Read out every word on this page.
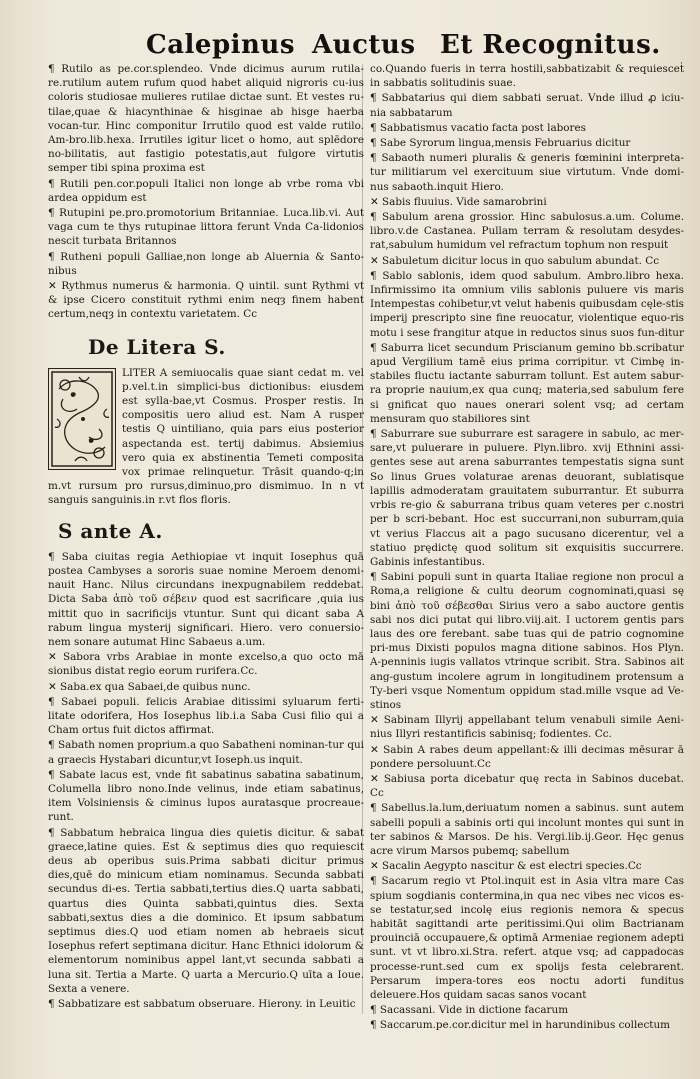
Calepinus Auctus Et Recognitus.
¶ Rutilo as pe.cor.splendeo. Vnde dicimus aurum rutila-re.rutilum autem rufum quod habet aliquid nigroris cu-ius coloris studiosae mulieres rutilae dictae sunt. Et vestes ru-tilae,quae & hiacynthinae & hisginae ab hisge haerba vocan-tur. Hinc componitur Irrutilo quod est valde rutilo. Am-bro.lib.hexa. Irrutiles igitur licet o homo, aut splēdore no-bilitatis, aut fastigio potestatis,aut fulgore virtutis semper tibi spina proxima est
¶ Rutili pen.cor.populi Italici non longe ab vrbe roma vbi ardea oppidum est
¶ Rutupini pe.pro.promotorium Britanniae. Luca.lib.vi. Aut vaga cum te thys rutupinae littora ferunt Vnda Ca-lidonios nescit turbata Britannos
¶ Rutheni populi Galliae,non longe ab Aluernia & Santo-nibus
✕ Rythmus numerus & harmonia. Q uintil. sunt Rythmi vt & ipse Cicero constituit rythmi enim neqȝ finem habent certum,neqȝ in contextu varietatem. Cc
De Litera S.
LITER A semiuocalis quae siant cedat m. vel p.vel.t.in simplici-bus dictionibus: eiusdem est sylla-bae,vt Cosmus. Prosper restis. In compositis uero aliud est. Nam A rusper testis Q uintiliano, quia pars eius posterior aspectanda est. tertij dabimus. Absiemius vero quia ex abstinentia Temeti composita vox primae relinquetur. Trāsit quando-q;in m.vt rursum pro rursus,diminuo,pro dismimuo. In n vt sanguis sanguinis.in r.vt flos floris.
S ante A.
¶ Saba ciuitas regia Aethiopiae vt inquit Iosephus quā postea Cambyses a sororis suae nomine Meroem denomi-nauit Hanc. Nilus circundans inexpugnabilem reddebat. Dicta Saba ἀπὸ τοῦ σέβειν quod est sacrificare ,quia ius mittit quo in sacrificijs vtuntur. Sunt qui dicant saba A rabum lingua mysterij significari. Hiero. vero conuersio-nem sonare autumat Hinc Sabaeus a.um.
✕ Sabora vrbs Arabiae in monte excelso,a quo octo mā sionibus distat regio eorum rurifera.Cc.
✕ Saba.ex qua Sabaei,de quibus nunc.
¶ Sabaei populi. felicis Arabiae ditissimi syluarum ferti-litate odorifera, Hos Iosephus lib.i.a Saba Cusi filio qui a Cham ortus fuit dictos affirmat.
¶ Sabath nomen proprium.a quo Sabatheni nominan-tur qui a graecis Hystabari dicuntur,vt Ioseph.us inquit.
¶ Sabate lacus est, vnde fit sabatinus sabatina sabatinum, Columella libro nono.Inde velinus, inde etiam sabatinus, item Volsiniensis & ciminus lupos auratasque procreaue-runt.
¶ Sabbatum hebraica lingua dies quietis dicitur. & sabat graece,latine quies. Est & septimus dies quo requiescit deus ab operibus suis.Prima sabbati dicitur primus dies,quē do minicum etiam nominamus. Secunda sabbati secundus di-es. Tertia sabbati,tertius dies.Q uarta sabbati, quartus dies Quinta sabbati,quintus dies. Sexta sabbati,sextus dies a die dominico. Et ipsum sabbatum septimus dies.Q uod etiam nomen ab hebraeis sicut Iosephus refert septimana dicitur. Hanc Ethnici idolorum & elementorum nominibus appel lant,vt secunda sabbati a luna sit. Tertia a Marte. Q uarta a Mercurio.Q uīta a Ioue. Sexta a venere.
¶ Sabbatizare est sabbatum obseruare. Hierony. in Leuitic
co.Quando fueris in terra hostili,sabbatizabit & requiesceṫ in sabbatis solitudinis suae.
¶ Sabbatarius qui diem sabbati seruat. Vnde illud ꝓ iciu-nia sabbatarum
¶ Sabbatismus vacatio facta post labores
¶ Sabe Syrorum lingua,mensis Februarius dicitur
¶ Sabaoth numeri pluralis & generis fœminini interpreta-tur militiarum vel exercituum siue virtutum. Vnde domi-nus sabaoth.inquit Hiero.
✕ Sabis fluuius. Vide samarobrini
¶ Sabulum arena grossior. Hinc sabulosus.a.um. Colume. libro.v.de Castanea. Pullam terram & resolutam desydes-rat,sabulum humidum vel refractum tophum non respuit
✕ Sabuletum dicitur locus in quo sabulum abundat. Cc
¶ Sablo sablonis, idem quod sabulum. Ambro.libro hexa. Infirmissimo ita omnium vilis sablonis puluere vis maris Intempestas cohibetur,vt velut habenis quibusdam cęle-stis imperij prescripto sine fine reuocatur, violentique equo-ris motu i sese frangitur atque in reductos sinus suos fun-ditur
¶ Saburra licet secundum Priscianum gemino bb.scribatur apud Vergilium tamē eius prima corripitur. vt Cimbę in-stabiles fluctu iactante saburram tollunt. Est autem sabur-ra proprie nauium,ex qua cunq; materia,sed sabulum fere si gnificat quo naues onerari solent vsq; ad certam mensuram quo stabiliores sint
¶ Saburrare sue suburrare est saragere in sabulo, ac mer-sare,vt puluerare in puluere. Plyn.libro. xvij Ethnini assi-gentes sese aut arena saburrantes tempestatis signa sunt So linus Grues volaturae arenas deuorant, sublatisque lapillis admoderatam grauitatem suburrantur. Et suburra vrbis re-gio & saburrana tribus quam veteres per c.nostri per b scri-bebant. Hoc est succurrani,non suburram,quia vt verius Flaccus ait a pago sucusano dicerentur, vel a statiuo prędictę quod solitum sit exquisitis succurrere. Gabinis infestantibus.
¶ Sabini populi sunt in quarta Italiae regione non procul a Roma,a religione & cultu deorum cognominati,quasi sę bini ἀπὸ τοῦ σέβεσθαι Sirius vero a sabo auctore gentis sabi nos dici putat qui libro.viij.ait. I uctorem gentis pars laus des ore ferebant. sabe tuas qui de patrio cognomine pri-mus Dixisti populos magna ditione sabinos. Hos Plyn. A-penninis iugis vallatos vtrinque scribit. Stra. Sabinos ait ang-gustum incolere agrum in longitudinem protensum a Ty-beri vsque Nomentum oppidum stad.mille vsque ad Ve-stinos
✕ Sabinam Illyrij appellabant telum venabuli simile Aeni-nius Illyri restantificis sabinisq; fodientes. Cc.
✕ Sabin A rabes deum appellant:& illi decimas mēsurar ā pondere persoluunt.Cc
✕ Sabiusa porta dicebatur quę recta in Sabinos ducebat. Cc
¶ Sabellus.la.lum,deriuatum nomen a sabinus. sunt autem sabelli populi a sabinis orti qui incolunt montes qui sunt in ter sabinos & Marsos. De his. Vergi.lib.ij.Geor. Hęc genus acre virum Marsos pubemq; sabellum
✕ Sacalin Aegypto nascitur & est electri species.Cc
¶ Sacarum regio vt Ptol.inquit est in Asia vltra mare Cas spium sogdianis contermina,in qua nec vibes nec vicos es-se testatur,sed incolę eius regionis nemora & specus habitāt sagittandi arte peritissimi.Qui olim Bactrianam prouinciā occupauere,& optimā Armeniae regionem adepti sunt. vt vt libro.xi.Stra. refert. atque vsq; ad cappadocas processe-runt.sed cum ex spolijs festa celebrarent. Persarum impera-tores eos noctu adorti funditus deleuere.Hos quidam sacas sanos vocant
¶ Sacassani. Vide in dictione facarum
¶ Saccarum.pe.cor.dicitur mel in harundinibus collectum
